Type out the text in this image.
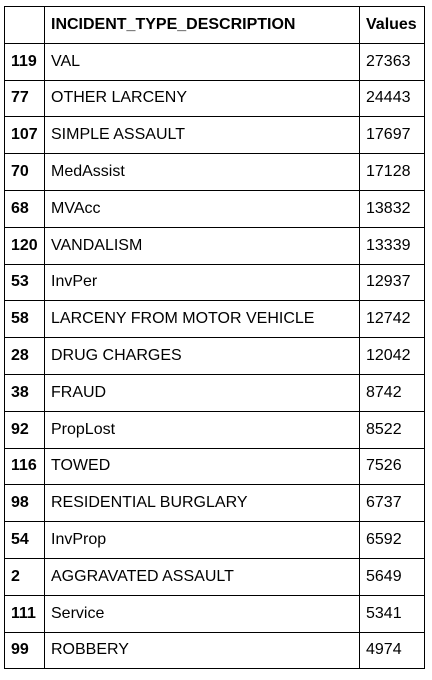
	INCIDENT_TYPE_DESCRIPTION	Values
119	VAL	27363
77	OTHER LARCENY	24443
107	SIMPLE ASSAULT	17697
70	MedAssist	17128
68	MVAcc	13832
120	VANDALISM	13339
53	InvPer	12937
58	LARCENY FROM MOTOR VEHICLE	12742
28	DRUG CHARGES	12042
38	FRAUD	8742
92	PropLost	8522
116	TOWED	7526
98	RESIDENTIAL BURGLARY	6737
54	InvProp	6592
2	AGGRAVATED ASSAULT	5649
111	Service	5341
99	ROBBERY	4974
